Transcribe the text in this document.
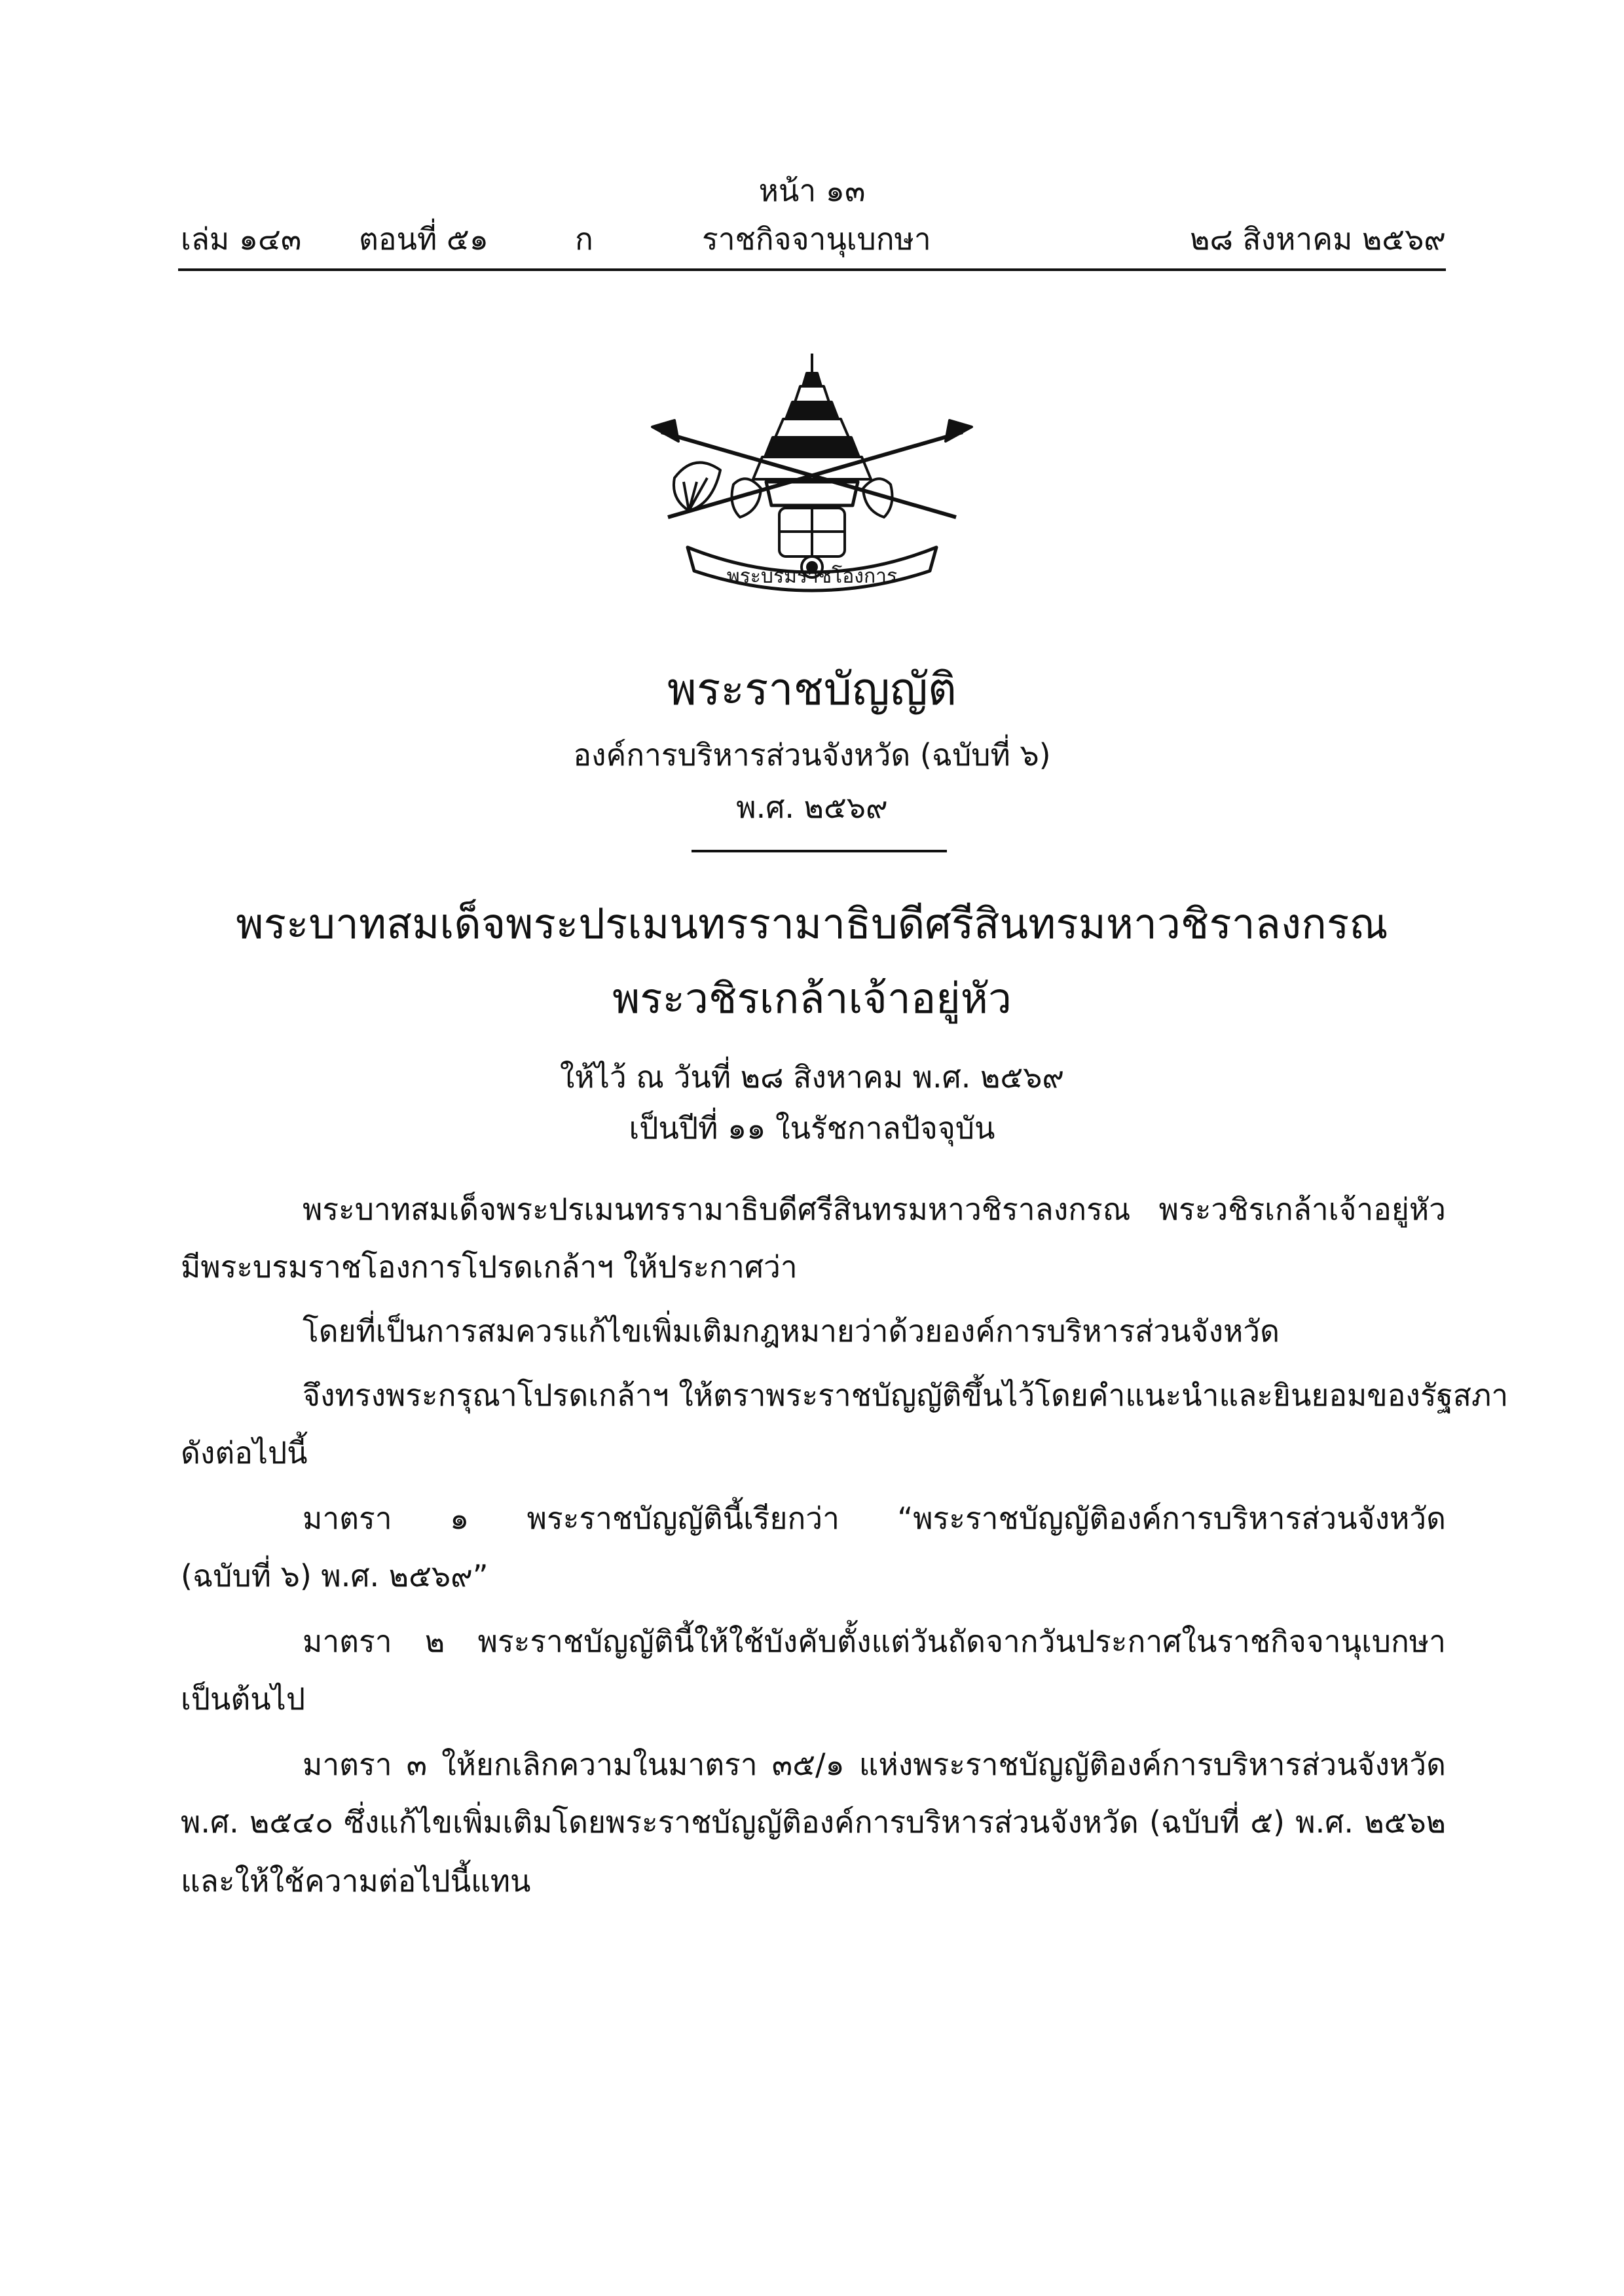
หน้า ๑๓
เล่ม ๑๔๓ ตอนที่ ๕๑	ก	ราชกิจจานุเบกษา	๒๘ สิงหาคม ๒๕๖๙
พระบรมราชโองการ
พระราชบัญญัติ
องค์การบริหารส่วนจังหวัด (ฉบับที่ ๖)
พ.ศ. ๒๕๖๙
พระบาทสมเด็จพระปรเมนทรรามาธิบดีศรีสินทรมหาวชิราลงกรณ
พระวชิรเกล้าเจ้าอยู่หัว
ให้ไว้ ณ วันที่ ๒๘ สิงหาคม พ.ศ. ๒๕๖๙
เป็นปีที่ ๑๑ ในรัชกาลปัจจุบัน
พระบาทสมเด็จพระปรเมนทรรามาธิบดีศรีสินทรมหาวชิราลงกรณ พระวชิรเกล้าเจ้าอยู่หัว
มีพระบรมราชโองการโปรดเกล้าฯ ให้ประกาศว่า
โดยที่เป็นการสมควรแก้ไขเพิ่มเติมกฎหมายว่าด้วยองค์การบริหารส่วนจังหวัด
จึงทรงพระกรุณาโปรดเกล้าฯ ให้ตราพระราชบัญญัติขึ้นไว้โดยคำแนะนำและยินยอมของรัฐสภา
ดังต่อไปนี้
มาตรา ๑ พระราชบัญญัตินี้เรียกว่า “พระราชบัญญัติองค์การบริหารส่วนจังหวัด
(ฉบับที่ ๖) พ.ศ. ๒๕๖๙”
มาตรา ๒ พระราชบัญญัตินี้ให้ใช้บังคับตั้งแต่วันถัดจากวันประกาศในราชกิจจานุเบกษา
เป็นต้นไป
มาตรา ๓ ให้ยกเลิกความในมาตรา ๓๕/๑ แห่งพระราชบัญญัติองค์การบริหารส่วนจังหวัด
พ.ศ. ๒๕๔๐ ซึ่งแก้ไขเพิ่มเติมโดยพระราชบัญญัติองค์การบริหารส่วนจังหวัด (ฉบับที่ ๕) พ.ศ. ๒๕๖๒
และให้ใช้ความต่อไปนี้แทน
